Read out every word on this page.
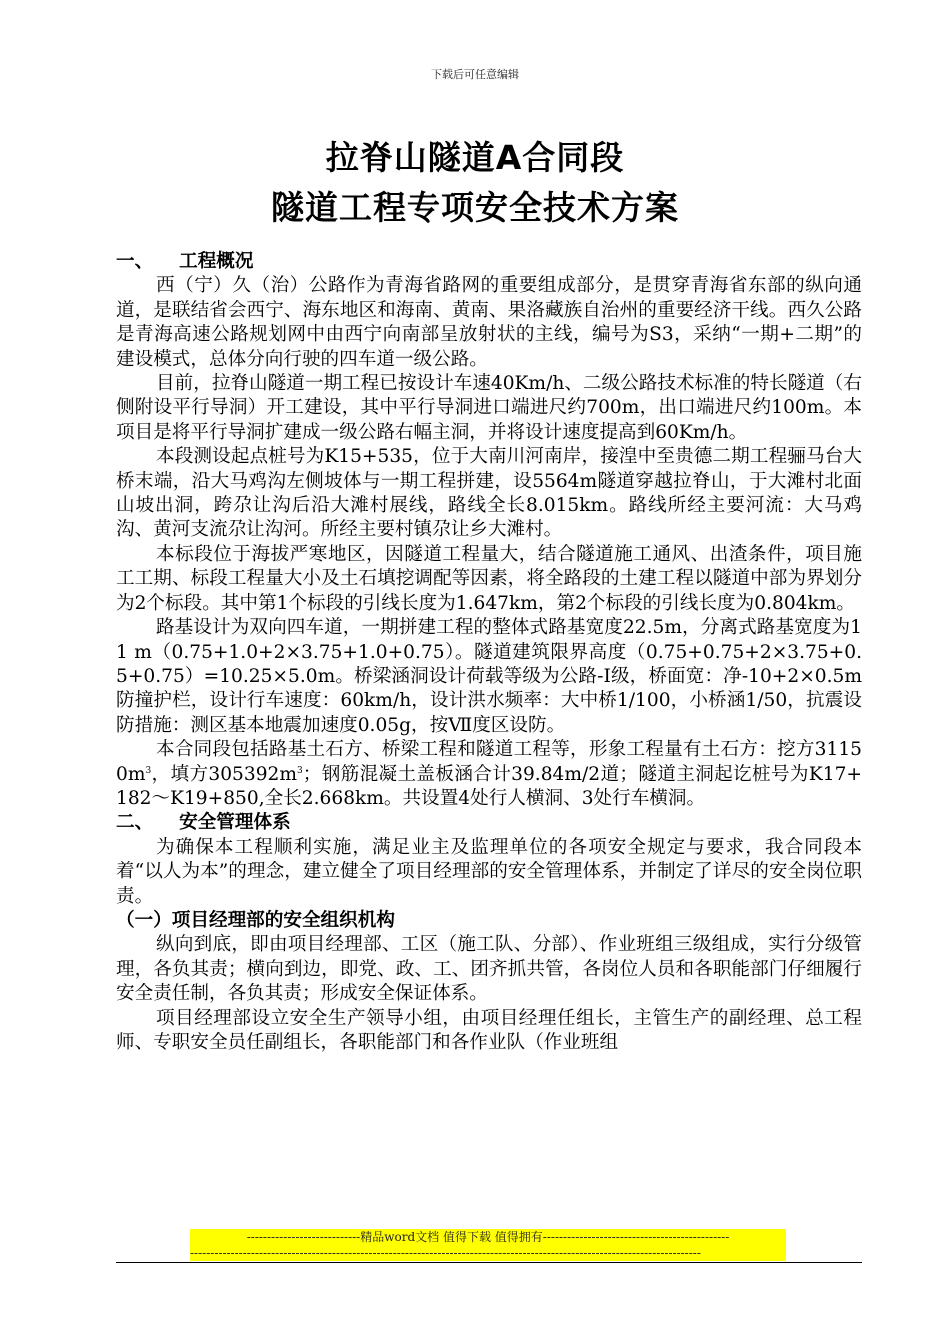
下载后可任意编辑
拉脊山隧道A合同段
隧道工程专项安全技术方案

一、 工程概况

西（宁）久（治）公路作为青海省路网的重要组成部分，是贯穿青海省东部的纵向通道，是联结省会西宁、海东地区和海南、黄南、果洛藏族自治州的重要经济干线。西久公路是青海高速公路规划网中由西宁向南部呈放射状的主线，编号为S3，采纳“一期+二期”的建设模式，总体分向行驶的四车道一级公路。

目前，拉脊山隧道一期工程已按设计车速40Km/h、二级公路技术标准的特长隧道（右侧附设平行导洞）开工建设，其中平行导洞进口端进尺约700m，出口端进尺约100m。本项目是将平行导洞扩建成一级公路右幅主洞，并将设计速度提高到60Km/h。

本段测设起点桩号为K15+535，位于大南川河南岸，接湟中至贵德二期工程骊马台大桥末端，沿大马鸡沟左侧坡体与一期工程拼建，设5564m隧道穿越拉脊山，于大滩村北面山坡出洞，跨尕让沟后沿大滩村展线，路线全长8.015km。路线所经主要河流：大马鸡沟、黄河支流尕让沟河。所经主要村镇尕让乡大滩村。

本标段位于海拔严寒地区，因隧道工程量大，结合隧道施工通风、出渣条件，项目施工工期、标段工程量大小及土石填挖调配等因素，将全路段的土建工程以隧道中部为界划分为2个标段。其中第1个标段的引线长度为1.647km，第2个标段的引线长度为0.804km。

路基设计为双向四车道，一期拼建工程的整体式路基宽度22.5m，分离式路基宽度为11 m（0.75+1.0+2×3.75+1.0+0.75）。隧道建筑限界高度（0.75+0.75+2×3.75+0.5+0.75）=10.25×5.0m。桥梁涵洞设计荷载等级为公路-Ⅰ级，桥面宽：净-10+2×0.5m防撞护栏，设计行车速度：60km/h，设计洪水频率：大中桥1/100，小桥涵1/50，抗震设防措施：测区基本地震加速度0.05g，按Ⅶ度区设防。

本合同段包括路基土石方、桥梁工程和隧道工程等，形象工程量有土石方：挖方$31150m^3$，填方$305392m^3$；钢筋混凝土盖板涵合计39.84m/2道；隧道主洞起讫桩号为K17+182～K19+850,全长2.668km。共设置4处行人横洞、3处行车横洞。

二、 安全管理体系

为确保本工程顺利实施，满足业主及监理单位的各项安全规定与要求，我合同段本着“以人为本”的理念，建立健全了项目经理部的安全管理体系，并制定了详尽的安全岗位职责。

（一）项目经理部的安全组织机构

纵向到底，即由项目经理部、工区（施工队、分部）、作业班组三级组成，实行分级管理，各负其责；横向到边，即党、政、工、团齐抓共管，各岗位人员和各职能部门仔细履行安全责任制，各负其责；形成安全保证体系。

项目经理部设立安全生产领导小组，由项目经理任组长，主管生产的副经理、总工程师、专职安全员任副组长，各职能部门和各作业队（作业班组

----------------------------精品word文档 值得下载 值得拥有----------------------------------------------
------------------------------------------------------------------------------------------------------------------------------
